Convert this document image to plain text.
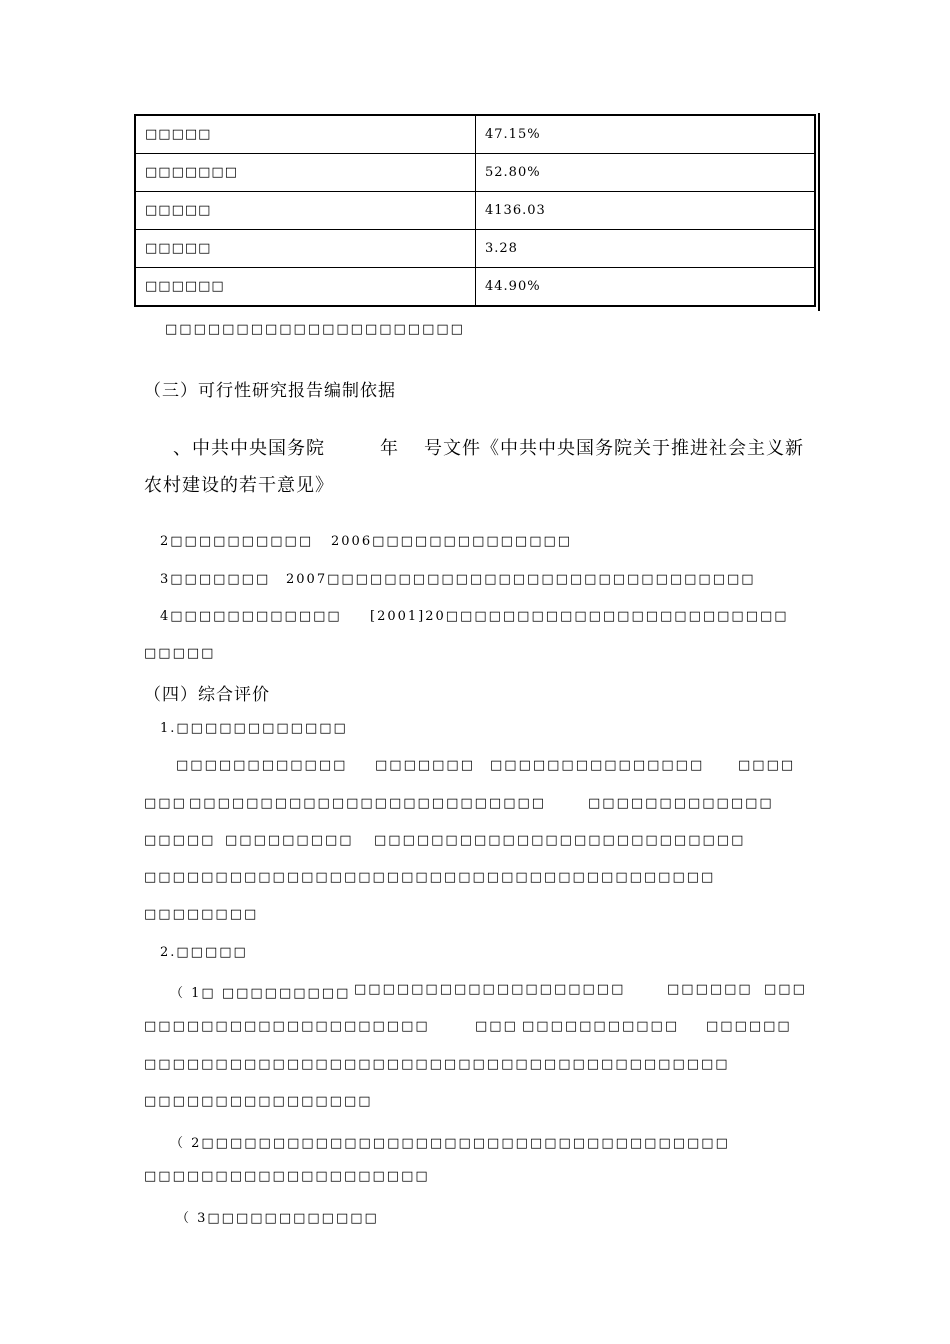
□□□□□	47.15%
□□□□□□□	52.80%
□□□□□	4136.03
□□□□□	3.28
□□□□□□	44.90%
□□□□□□□□□□□□□□□□□□□□□
（三）可行性研究报告编制依据
、中共中央国务院	年 号文件《中共中央国务院关于推进社会主义新
农村建设的若干意见》
2□□□□□□□□□□ 2006□□□□□□□□□□□□□□
3□□□□□□□ 2007□□□□□□□□□□□□□□□□□□□□□□□□□□□□□□
4□□□□□□□□□□□□ [2001]20□□□□□□□□□□□□□□□□□□□□□□□□
□□□□□
（四）综合评价
1.□□□□□□□□□□□□
□□□□□□□□□□□□ □□□□□□□ □□□□□□□□□□□□□□□	□□□□
□□□ □□□□□□□□□□□□□□□□□□□□□□□□□	□□□□□□□□□□□□□
□□□□□ □□□□□□□□□ □□□□□□□□□□□□□□□□□□□□□□□□□□
□□□□□□□□□□□□□□□□□□□□□□□□□□□□□□□□□□□□□□□□
□□□□□□□□
2.□□□□□
（ 1□ □□□□□□□□□ □□□□□□□□□□□□□□□□□□□	□□□□□□ □□□
□□□□□□□□□□□□□□□□□□□□	□□□ □□□□□□□□□□□ □□□□□□
□□□□□□□□□□□□□□□□□□□□□□□□□□□□□□□□□□□□□□□□□
□□□□□□□□□□□□□□□□
（ 2□□□□□□□□□□□□□□□□□□□□□□□□□□□□□□□□□□□□□
□□□□□□□□□□□□□□□□□□□□
（ 3□□□□□□□□□□□□
